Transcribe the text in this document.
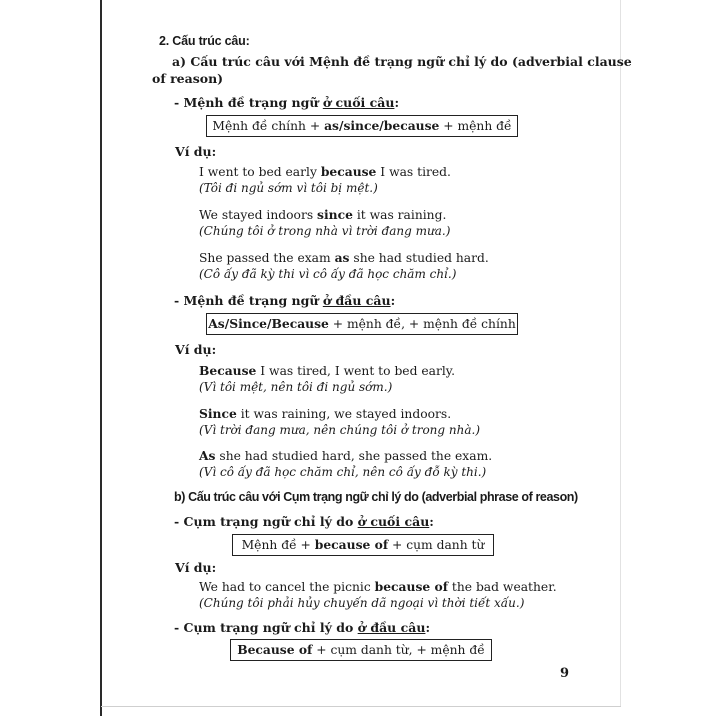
2. Cấu trúc câu:
a) Cấu trúc câu với Mệnh đề trạng ngữ chỉ lý do (adverbial clause
of reason)
- Mệnh đề trạng ngữ ở cuối câu:
Mệnh đề chính + as/since/because + mệnh đề
Ví dụ:
I went to bed early because I was tired.
(Tôi đi ngủ sớm vì tôi bị mệt.)
We stayed indoors since it was raining.
(Chúng tôi ở trong nhà vì trời đang mưa.)
She passed the exam as she had studied hard.
(Cô ấy đã kỳ thi vì cô ấy đã học chăm chỉ.)
- Mệnh đề trạng ngữ ở đầu câu:
As/Since/Because + mệnh đề, + mệnh đề chính
Ví dụ:
Because I was tired, I went to bed early.
(Vì tôi mệt, nên tôi đi ngủ sớm.)
Since it was raining, we stayed indoors.
(Vì trời đang mưa, nên chúng tôi ở trong nhà.)
As she had studied hard, she passed the exam.
(Vì cô ấy đã học chăm chỉ, nên cô ấy đỗ kỳ thi.)
b) Cấu trúc câu với Cụm trạng ngữ chỉ lý do (adverbial phrase of reason)
- Cụm trạng ngữ chỉ lý do ở cuối câu:
Mệnh đề + because of + cụm danh từ
Ví dụ:
We had to cancel the picnic because of the bad weather.
(Chúng tôi phải hủy chuyến dã ngoại vì thời tiết xấu.)
- Cụm trạng ngữ chỉ lý do ở đầu câu:
Because of + cụm danh từ, + mệnh đề
9
